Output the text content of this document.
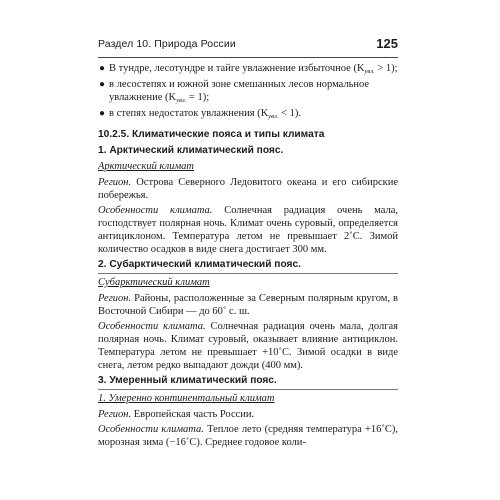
Раздел 10. Природа России	125
● В тундре, лесотундре и тайге увлажнение избыточное $(K_{увл.} > 1)$;
● в лесостепях и южной зоне смешанных лесов нормальное увлажнение $(K_{увл.} = 1)$;
● в степях недостаток увлажнения $(K_{увл.} < 1)$.
10.2.5. Климатические пояса и типы климата
1. Арктический климатический пояс.
Арктический климат
Регион. Острова Северного Ледовитого океана и его сибирские побережья.
Особенности климата. Солнечная радиация очень мала, господствует полярная ночь. Климат очень суровый, определяется антициклоном. Температура летом не превышает 2˚C. Зимой количество осадков в виде снега достигает 300 мм.
2. Субарктический климатический пояс.
Субарктический климат
Регион. Районы, расположенные за Северным полярным кругом, в Восточной Сибири — до 60˚ с. ш.
Особенности климата. Солнечная радиация очень мала, долгая полярная ночь. Климат суровый, оказывает влияние антициклон. Температура летом не превышает +10˚C. Зимой осадки в виде снега, летом редко выпадают дожди (400 мм).
3. Умеренный климатический пояс.
1. Умеренно континентальный климат
Регион. Европейская часть России.
Особенности климата. Теплое лето (средняя температура +16˚C), морозная зима (−16˚C). Среднее годовое коли-
